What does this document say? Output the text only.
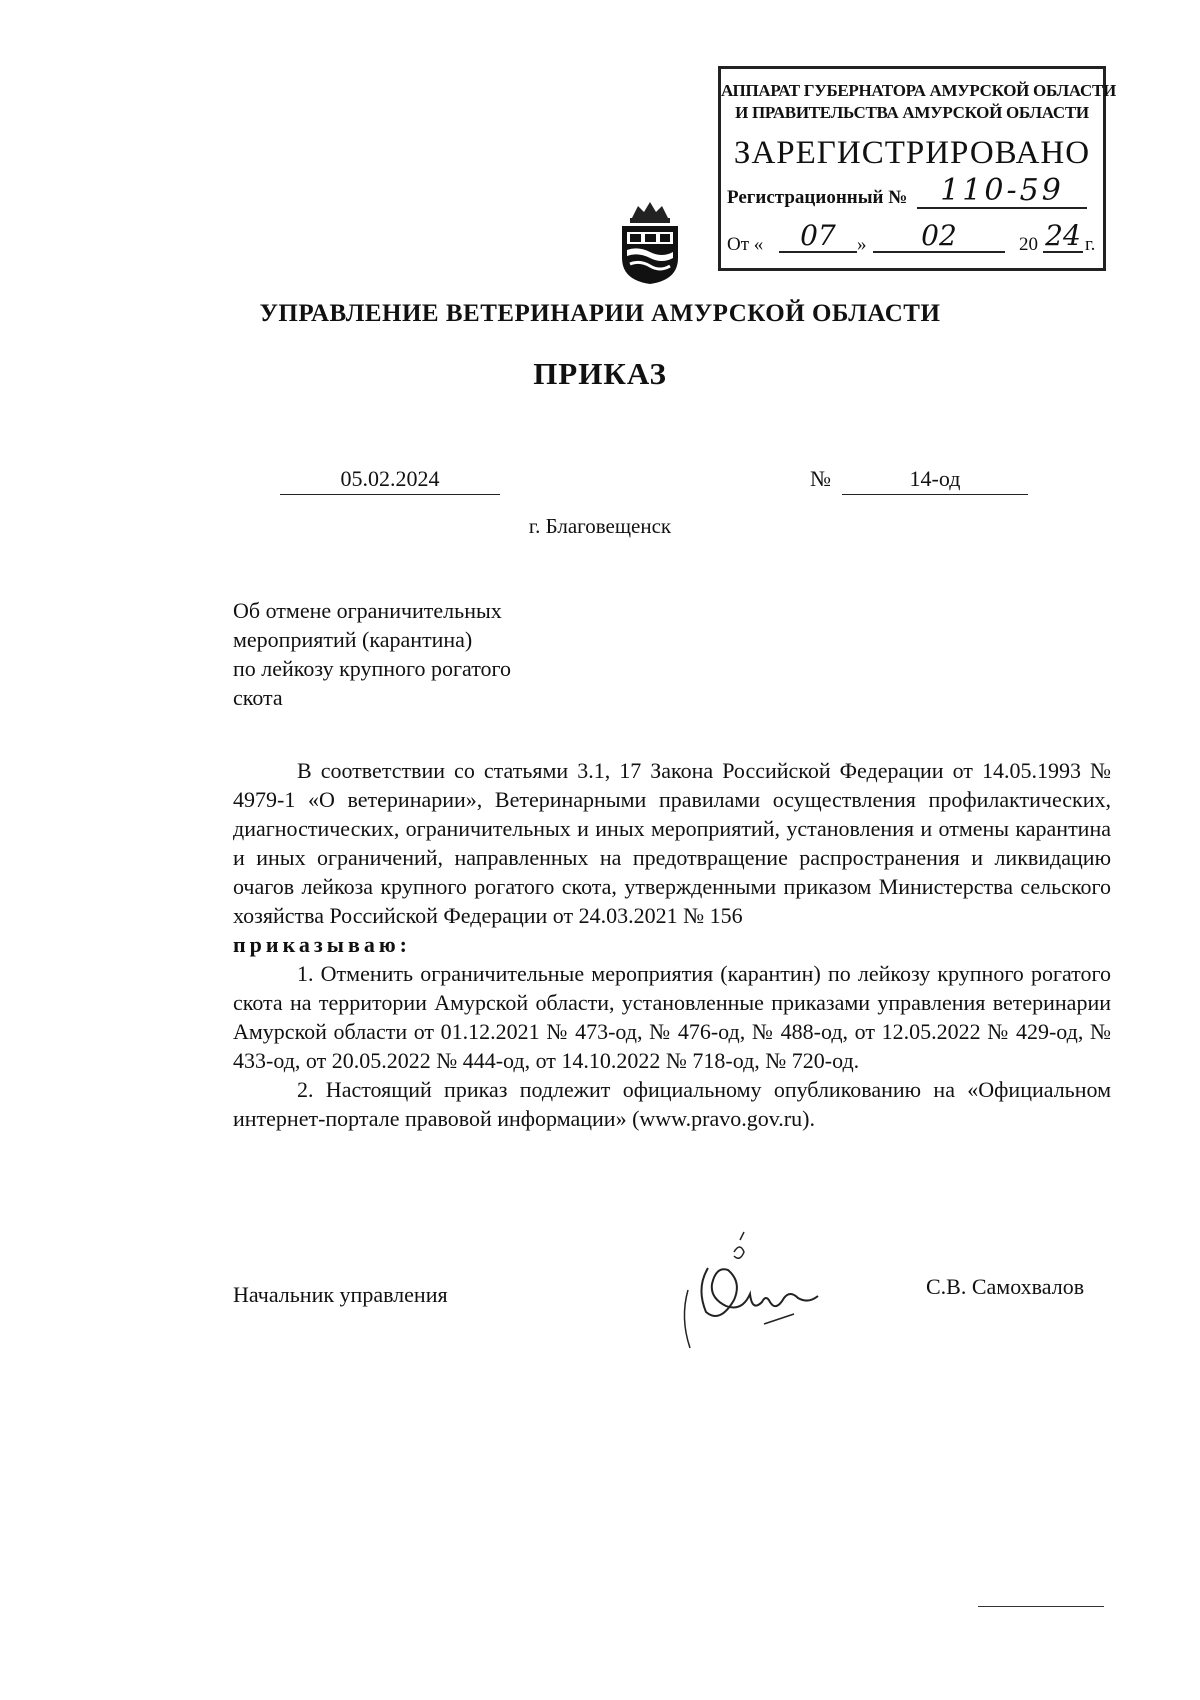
АППАРАТ ГУБЕРНАТОРА АМУРСКОЙ ОБЛАСТИ
И ПРАВИТЕЛЬСТВА АМУРСКОЙ ОБЛАСТИ
ЗАРЕГИСТРИРОВАНО
Регистрационный №	110-59
От «	07	»	02	20 24 г.
УПРАВЛЕНИЕ ВЕТЕРИНАРИИ АМУРСКОЙ ОБЛАСТИ
ПРИКАЗ
05.02.2024	№	14-од
г. Благовещенск
Об отмене ограничительных
мероприятий (карантина)
по лейкозу крупного рогатого
скота

В соответствии со статьями 3.1, 17 Закона Российской Федерации от 14.05.1993 № 4979-1 «О ветеринарии», Ветеринарными правилами осуществления профилактических, диагностических, ограничительных и иных мероприятий, установления и отмены карантина и иных ограничений, направленных на предотвращение распространения и ликвидацию очагов лейкоза крупного рогатого скота, утвержденными приказом Министерства сельского хозяйства Российской Федерации от 24.03.2021 № 156

приказываю:

1. Отменить ограничительные мероприятия (карантин) по лейкозу крупного рогатого скота на территории Амурской области, установленные приказами управления ветеринарии Амурской области от 01.12.2021 № 473-од, № 476-од, № 488-од, от 12.05.2022 № 429-од, № 433-од, от 20.05.2022 № 444-од, от 14.10.2022 № 718-од, № 720-од.

2. Настоящий приказ подлежит официальному опубликованию на «Официальном интернет-портале правовой информации» (www.pravo.gov.ru).

Начальник управления	С.В. Самохвалов
